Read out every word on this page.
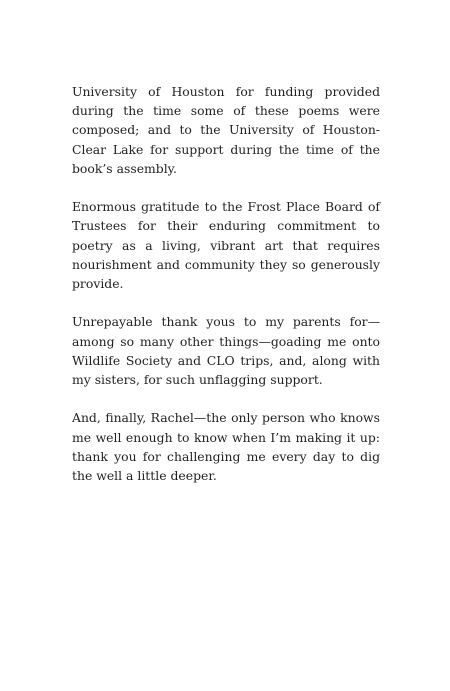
University of Houston for funding provided during the time some of these poems were composed; and to the University of Houston-Clear Lake for support during the time of the book’s assembly.

Enormous gratitude to the Frost Place Board of Trustees for their enduring commitment to poetry as a living, vibrant art that requires nourishment and community they so generously provide.

Unrepayable thank yous to my parents for—among so many other things—goading me onto Wildlife Society and CLO trips, and, along with my sisters, for such unflagging support.

And, finally, Rachel—the only person who knows me well enough to know when I’m making it up: thank you for challenging me every day to dig the well a little deeper.
